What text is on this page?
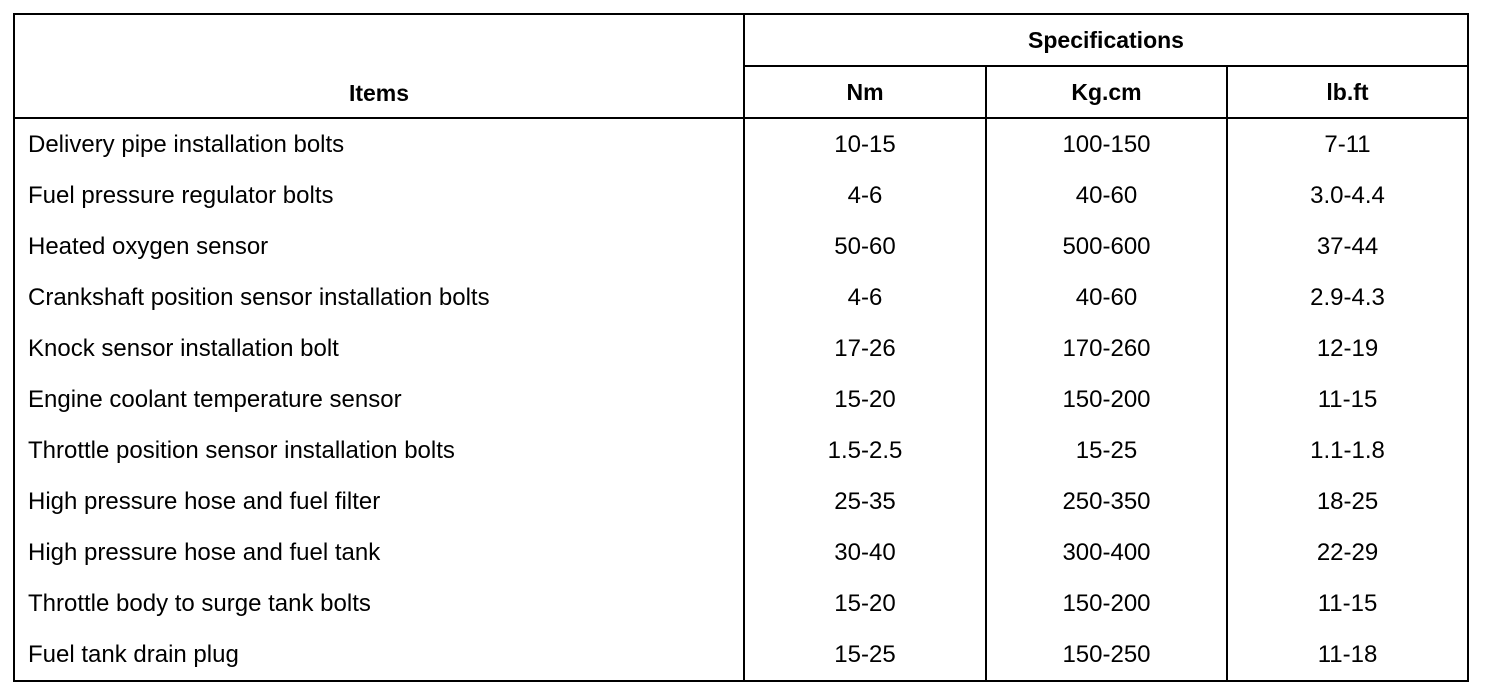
Items	Specifications		
	Nm	Kg.cm	lb.ft
Delivery pipe installation bolts	10-15	100-150	7-11
Fuel pressure regulator bolts	4-6	40-60	3.0-4.4
Heated oxygen sensor	50-60	500-600	37-44
Crankshaft position sensor installation bolts	4-6	40-60	2.9-4.3
Knock sensor installation bolt	17-26	170-260	12-19
Engine coolant temperature sensor	15-20	150-200	11-15
Throttle position sensor installation bolts	1.5-2.5	15-25	1.1-1.8
High pressure hose and fuel filter	25-35	250-350	18-25
High pressure hose and fuel tank	30-40	300-400	22-29
Throttle body to surge tank bolts	15-20	150-200	11-15
Fuel tank drain plug	15-25	150-250	11-18
